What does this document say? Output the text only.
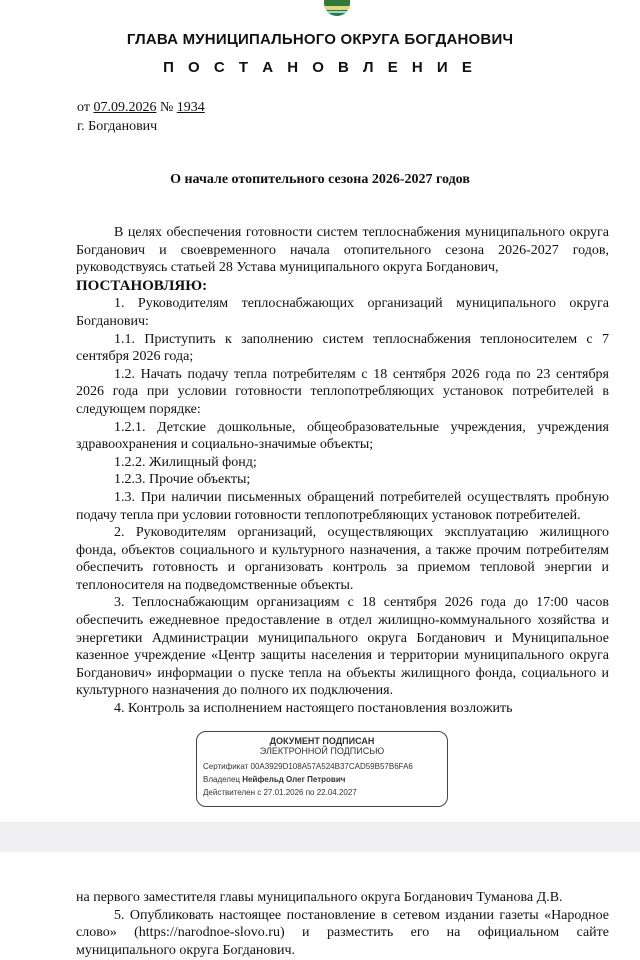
ГЛАВА МУНИЦИПАЛЬНОГО ОКРУГА БОГДАНОВИЧ
П О С Т А Н О В Л Е Н И Е
от 07.09.2026 № 1934
г. Богданович
О начале отопительного сезона 2026-2027 годов

В целях обеспечения готовности систем теплоснабжения муниципального округа Богданович и своевременного начала отопительного сезона 2026-2027 годов, руководствуясь статьей 28 Устава муниципального округа Богданович,

ПОСТАНОВЛЯЮ:

1. Руководителям теплоснабжающих организаций муниципального округа Богданович:

1.1. Приступить к заполнению систем теплоснабжения теплоносителем с 7 сентября 2026 года;

1.2. Начать подачу тепла потребителям с 18 сентября 2026 года по 23 сентября 2026 года при условии готовности теплопотребляющих установок потребителей в следующем порядке:

1.2.1. Детские дошкольные, общеобразовательные учреждения, учреждения здравоохранения и социально-значимые объекты;

1.2.2. Жилищный фонд;

1.2.3. Прочие объекты;

1.3. При наличии письменных обращений потребителей осуществлять пробную подачу тепла при условии готовности теплопотребляющих установок потребителей.

2. Руководителям организаций, осуществляющих эксплуатацию жилищного фонда, объектов социального и культурного назначения, а также прочим потребителям обеспечить готовность и организовать контроль за приемом тепловой энергии и теплоносителя на подведомственные объекты.

3. Теплоснабжающим организациям с 18 сентября 2026 года до 17:00 часов обеспечить ежедневное предоставление в отдел жилищно-коммунального хозяйства и энергетики Администрации муниципального округа Богданович и Муниципальное казенное учреждение «Центр защиты населения и территории муниципального округа Богданович» информации о пуске тепла на объекты жилищного фонда, социального и культурного назначения до полного их подключения.

4. Контроль за исполнением настоящего постановления возложить

ДОКУМЕНТ ПОДПИСАН
ЭЛЕКТРОННОЙ ПОДПИСЬЮ
Сертификат 00A3929D108A57A524B37CAD59B57B6FA6
Владелец Нейфельд Олег Петрович
Действителен с 27.01.2026 по 22.04.2027

на первого заместителя главы муниципального округа Богданович Туманова Д.В.

5. Опубликовать настоящее постановление в сетевом издании газеты «Народное слово» (https://narodnoe-slovo.ru) и разместить его на официальном сайте муниципального округа Богданович.
